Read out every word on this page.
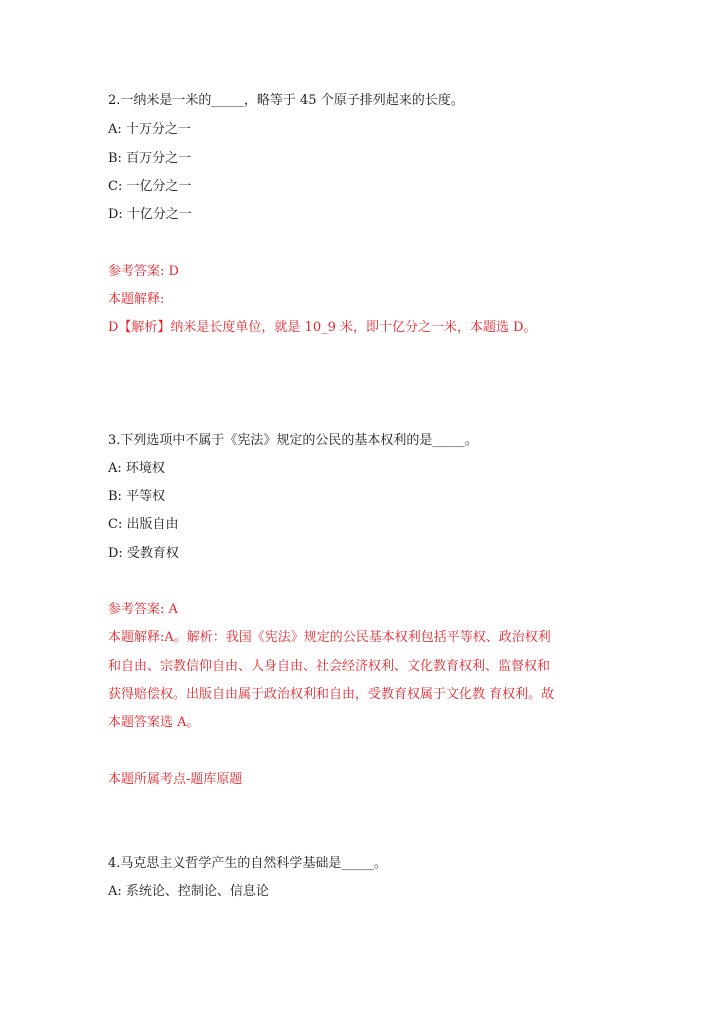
2.一纳米是一米的_____，略等于 45 个原子排列起来的长度。
A: 十万分之一
B: 百万分之一
C: 一亿分之一
D: 十亿分之一
参考答案: D
本题解释:
D【解析】纳米是长度单位，就是 10_9 米，即十亿分之一米，本题选 D。
3.下列选项中不属于《宪法》规定的公民的基本权利的是_____。
A: 环境权
B: 平等权
C: 出版自由
D: 受教育权
参考答案: A
本题解释:A。解析：我国《宪法》规定的公民基本权利包括平等权、政治权利
和自由、宗教信仰自由、人身自由、社会经济权利、文化教育权利、监督权和
获得赔偿权。出版自由属于政治权利和自由，受教育权属于文化教 育权利。故
本题答案选 A。
本题所属考点-题库原题
4.马克思主义哲学产生的自然科学基础是_____。
A: 系统论、控制论、信息论
